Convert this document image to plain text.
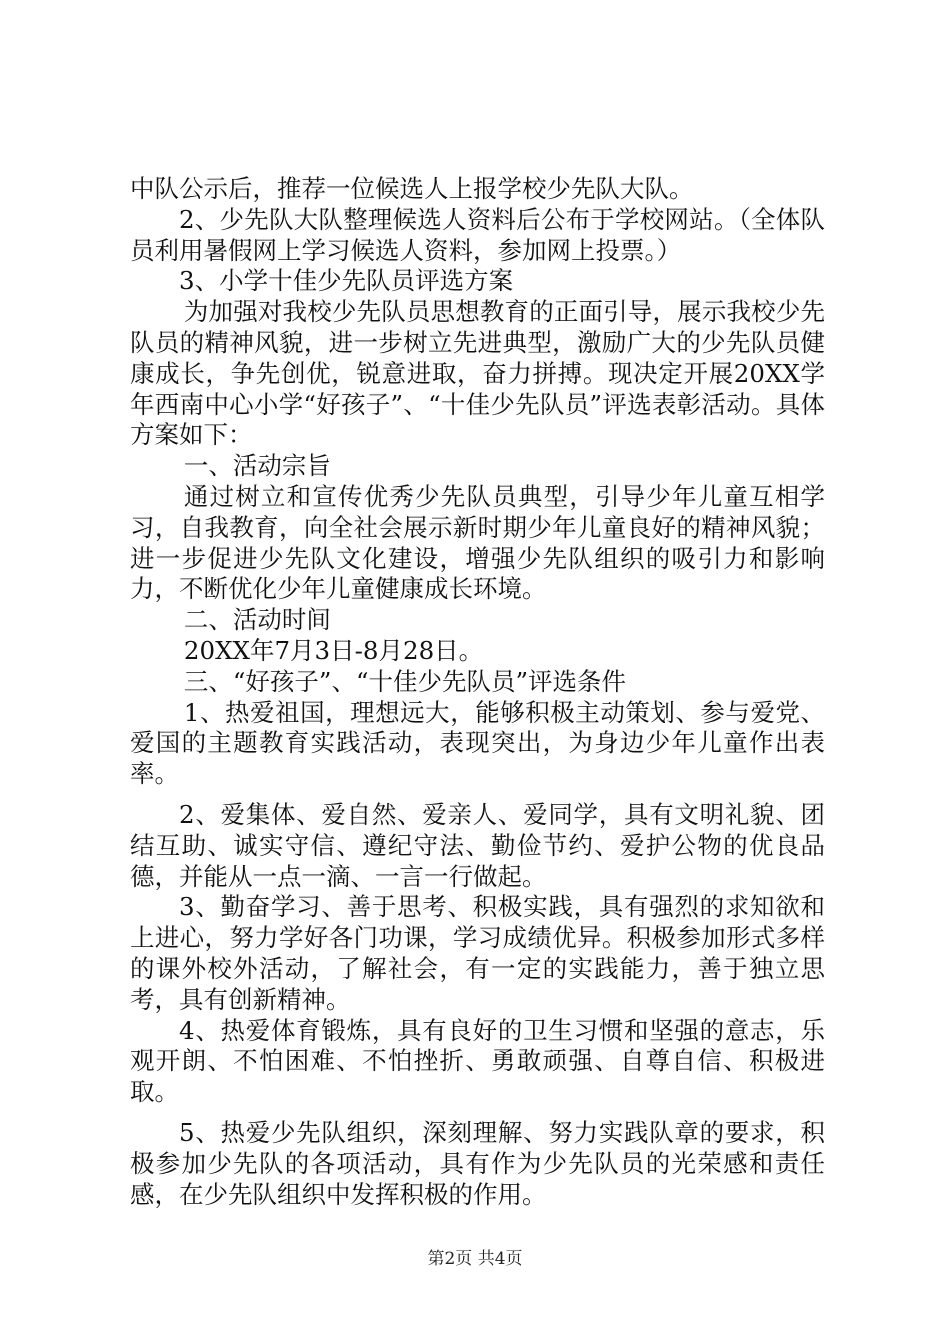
中队公示后，推荐一位候选人上报学校少先队大队。

2、少先队大队整理候选人资料后公布于学校网站。（全体队员利用暑假网上学习候选人资料，参加网上投票。）

3、小学十佳少先队员评选方案

为加强对我校少先队员思想教育的正面引导，展示我校少先队员的精神风貌，进一步树立先进典型，激励广大的少先队员健康成长，争先创优，锐意进取，奋力拼搏。现决定开展20XX学年西南中心小学“好孩子”、“十佳少先队员”评选表彰活动。具体方案如下：

一、活动宗旨

通过树立和宣传优秀少先队员典型，引导少年儿童互相学习，自我教育，向全社会展示新时期少年儿童良好的精神风貌；进一步促进少先队文化建设，增强少先队组织的吸引力和影响力，不断优化少年儿童健康成长环境。

二、活动时间

20XX年7月3日-8月28日。

三、“好孩子”、“十佳少先队员”评选条件

1、热爱祖国，理想远大，能够积极主动策划、参与爱党、爱国的主题教育实践活动，表现突出，为身边少年儿童作出表率。

2、爱集体、爱自然、爱亲人、爱同学，具有文明礼貌、团结互助、诚实守信、遵纪守法、勤俭节约、爱护公物的优良品德，并能从一点一滴、一言一行做起。

3、勤奋学习、善于思考、积极实践，具有强烈的求知欲和上进心，努力学好各门功课，学习成绩优异。积极参加形式多样的课外校外活动，了解社会，有一定的实践能力，善于独立思考，具有创新精神。

4、热爱体育锻炼，具有良好的卫生习惯和坚强的意志，乐观开朗、不怕困难、不怕挫折、勇敢顽强、自尊自信、积极进取。

5、热爱少先队组织，深刻理解、努力实践队章的要求，积极参加少先队的各项活动，具有作为少先队员的光荣感和责任感，在少先队组织中发挥积极的作用。

第2页 共4页
